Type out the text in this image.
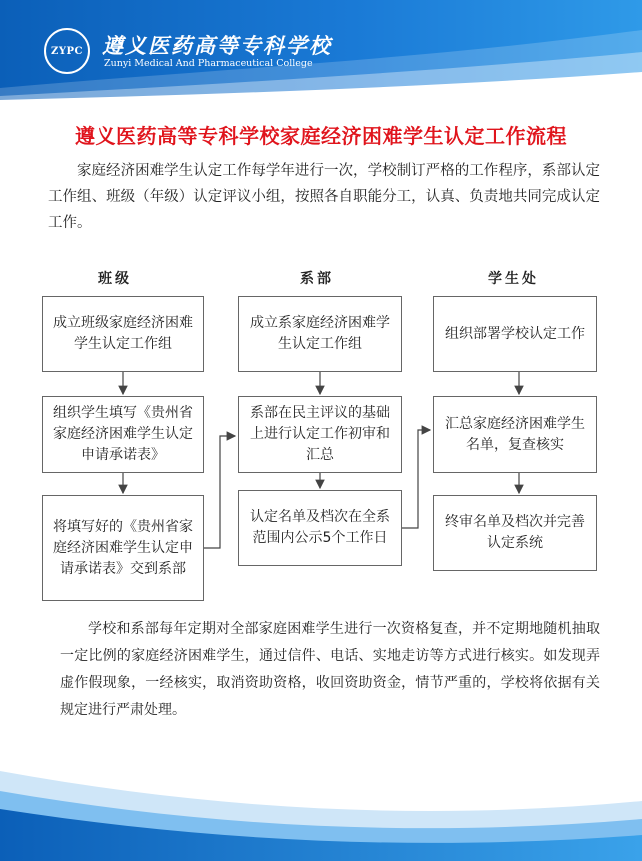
ZYPC 遵义医药高等专科学校
Zunyi Medical And Pharmaceutical College
遵义医药高等专科学校家庭经济困难学生认定工作流程
家庭经济困难学生认定工作每学年进行一次，学校制订严格的工作程序，系部认定工作组、班级（年级）认定评议小组，按照各自职能分工，认真、负责地共同完成认定工作。
班级	系部	学生处
成立班级家庭经济困难学生认定工作组
组织学生填写《贵州省家庭经济困难学生认定申请承诺表》
将填写好的《贵州省家庭经济困难学生认定申请承诺表》交到系部
成立系家庭经济困难学生认定工作组
系部在民主评议的基础上进行认定工作初审和汇总
认定名单及档次在全系范围内公示5个工作日
组织部署学校认定工作
汇总家庭经济困难学生名单，复查核实
终审名单及档次并完善认定系统
学校和系部每年定期对全部家庭困难学生进行一次资格复查，并不定期地随机抽取一定比例的家庭经济困难学生，通过信件、电话、实地走访等方式进行核实。如发现弄虚作假现象，一经核实，取消资助资格，收回资助资金，情节严重的，学校将依据有关规定进行严肃处理。
